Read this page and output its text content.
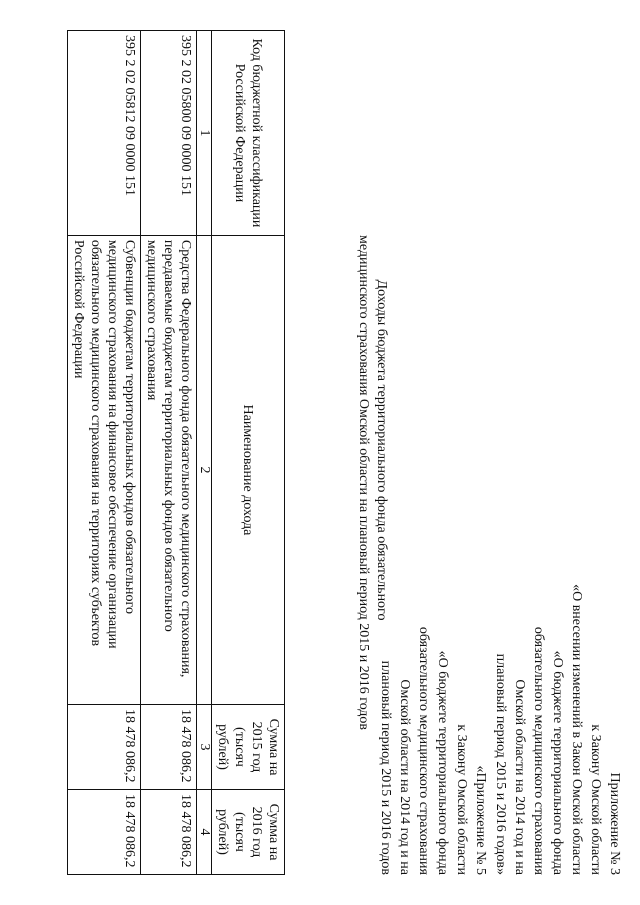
Приложение № 3
к Закону Омской области
«О внесении изменений в Закон Омской области
«О бюджете территориального фонда
обязательного медицинского страхования
Омской области на 2014 год и на
плановый период 2015 и 2016 годов»
«Приложение № 5
к Закону Омской области
«О бюджете территориального фонда
обязательного медицинского страхования
Омской области на 2014 год и на
плановый период 2015 и 2016 годов
Доходы бюджета территориального фонда обязательного
медицинского страхования Омской области на плановый период 2015 и 2016 годов
Код бюджетной классификации Российской Федерации	Наименование дохода	Сумма на 2015 год (тысяч рублей)	Сумма на 2016 год (тысяч рублей)
1	2	3	4
395 2 02 05800 09 0000 151	Средства Федерального фонда обязательного медицинского страхования, передаваемые бюджетам территориальных фондов обязательного медицинского страхования	18 478 086,2	18 478 086,2
395 2 02 05812 09 0000 151	Субвенции бюджетам территориальных фондов обязательного медицинского страхования на финансовое обеспечение организации обязательного медицинского страхования на территориях субъектов Российской Федерации	18 478 086,2	18 478 086,2
